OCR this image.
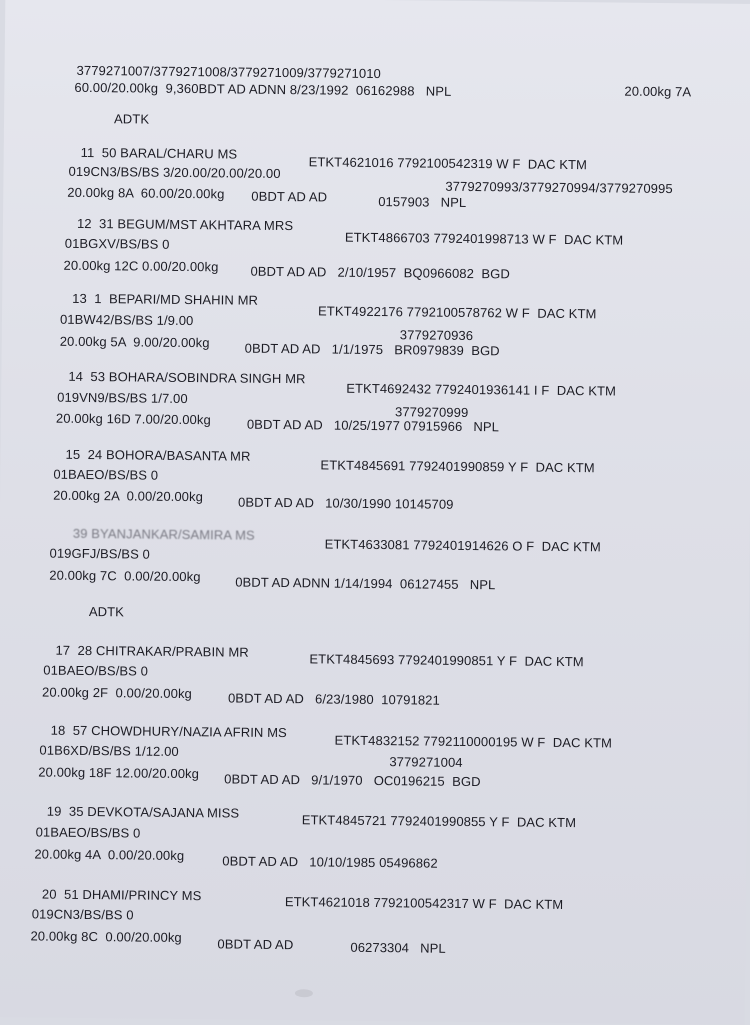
3779271007/3779271008/3779271009/3779271010
60.00/20.00kg  9,360BDT AD ADNN 8/23/1992  06162988   NPL	20.00kg 7A
ADTK
11  50 BARAL/CHARU MS
ETKT4621016 7792100542319 W F  DAC KTM
019CN3/BS/BS 3/20.00/20.00/20.00
3779270993/3779270994/3779270995
20.00kg 8A  60.00/20.00kg 0BDT AD AD	0157903   NPL
12  31 BEGUM/MST AKHTARA MRS
ETKT4866703 7792401998713 W F  DAC KTM
01BGXV/BS/BS 0
20.00kg 12C 0.00/20.00kg 0BDT AD AD   2/10/1957  BQ0966082  BGD
13  1  BEPARI/MD SHAHIN MR
ETKT4922176 7792100578762 W F  DAC KTM
01BW42/BS/BS 1/9.00
3779270936
20.00kg 5A  9.00/20.00kg	0BDT AD AD   1/1/1975   BR0979839  BGD
14  53 BOHARA/SOBINDRA SINGH MR
ETKT4692432 7792401936141 I F  DAC KTM
019VN9/BS/BS 1/7.00
3779270999
20.00kg 16D 7.00/20.00kg	0BDT AD AD   10/25/1977 07915966   NPL
15  24 BOHORA/BASANTA MR
ETKT4845691 7792401990859 Y F  DAC KTM
01BAEO/BS/BS 0
20.00kg 2A  0.00/20.00kg	0BDT AD AD   10/30/1990 10145709
39 BYANJANKAR/SAMIRA MS
ETKT4633081 7792401914626 O F  DAC KTM
019GFJ/BS/BS 0
20.00kg 7C  0.00/20.00kg	0BDT AD ADNN 1/14/1994  06127455   NPL
ADTK
17  28 CHITRAKAR/PRABIN MR
ETKT4845693 7792401990851 Y F  DAC KTM
01BAEO/BS/BS 0
20.00kg 2F  0.00/20.00kg	0BDT AD AD   6/23/1980  10791821
18  57 CHOWDHURY/NAZIA AFRIN MS
ETKT4832152 7792110000195 W F  DAC KTM
01B6XD/BS/BS 1/12.00
3779271004
20.00kg 18F 12.00/20.00kg 0BDT AD AD   9/1/1970   OC0196215  BGD
19  35 DEVKOTA/SAJANA MISS
ETKT4845721 7792401990855 Y F  DAC KTM
01BAEO/BS/BS 0
20.00kg 4A  0.00/20.00kg	0BDT AD AD   10/10/1985 05496862
20  51 DHAMI/PRINCY MS	ETKT4621018 7792100542317 W F  DAC KTM
019CN3/BS/BS 0
20.00kg 8C  0.00/20.00kg	0BDT AD AD	06273304   NPL
